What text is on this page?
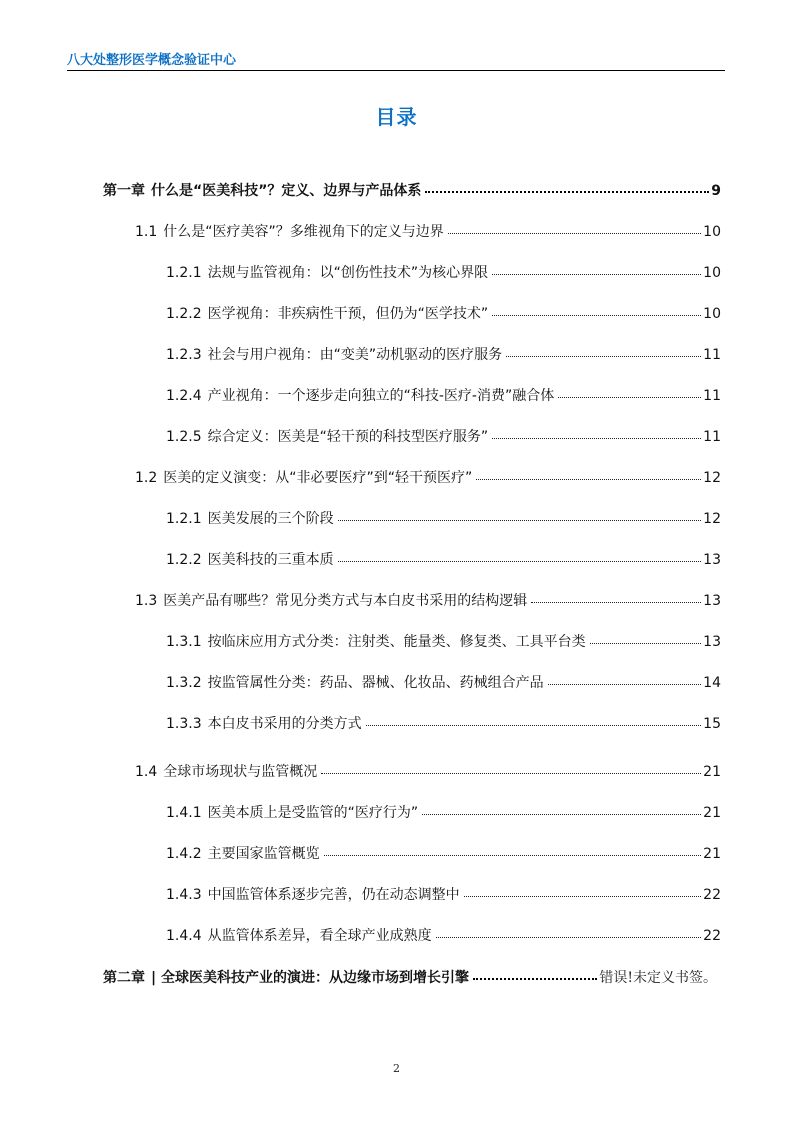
八大处整形医学概念验证中心
目录
第一章 什么是“医美科技”？定义、边界与产品体系	9
1.1 什么是“医疗美容”？多维视角下的定义与边界	10
1.2.1 法规与监管视角：以“创伤性技术”为核心界限	10
1.2.2 医学视角：非疾病性干预，但仍为“医学技术”	10
1.2.3 社会与用户视角：由“变美”动机驱动的医疗服务	11
1.2.4 产业视角：一个逐步走向独立的“科技-医疗-消费”融合体	11
1.2.5 综合定义：医美是“轻干预的科技型医疗服务”	11
1.2 医美的定义演变：从“非必要医疗”到“轻干预医疗”	12
1.2.1 医美发展的三个阶段	12
1.2.2 医美科技的三重本质	13
1.3 医美产品有哪些？常见分类方式与本白皮书采用的结构逻辑	13
1.3.1 按临床应用方式分类：注射类、能量类、修复类、工具平台类	13
1.3.2 按监管属性分类：药品、器械、化妆品、药械组合产品	14
1.3.3 本白皮书采用的分类方式	15
1.4 全球市场现状与监管概况	21
1.4.1 医美本质上是受监管的“医疗行为”	21
1.4.2 主要国家监管概览	21
1.4.3 中国监管体系逐步完善，仍在动态调整中	22
1.4.4 从监管体系差异，看全球产业成熟度	22
第二章 | 全球医美科技产业的演进：从边缘市场到增长引擎	错误!未定义书签。
2
